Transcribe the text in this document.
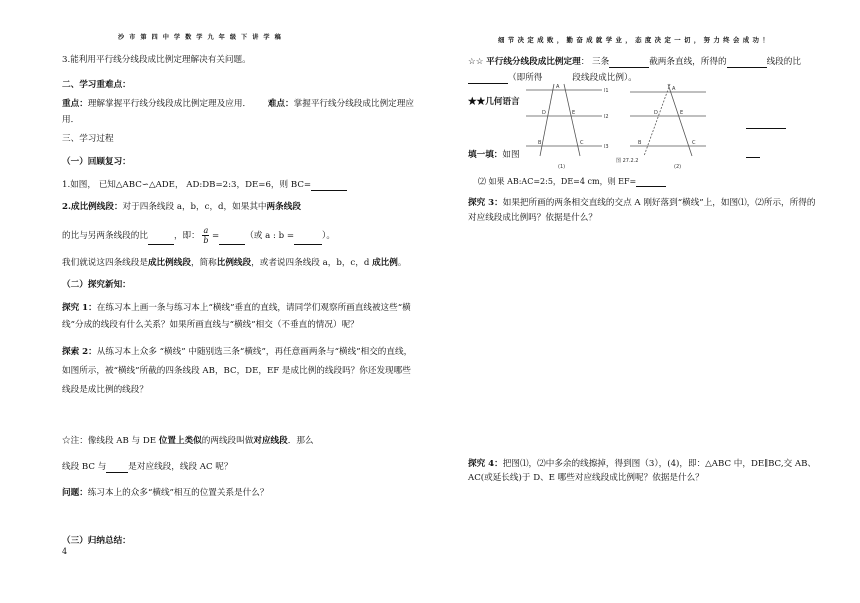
沙市第四中学数学九年级下讲学稿
3.能利用平行线分线段成比例定理解决有关问题。
二、学习重难点：
重点：理解掌握平行线分线段成比例定理及应用． 难点：掌握平行线分线段成比例定理应
用．
三、学习过程
（一）回顾复习：
1.如图， 已知△ABC∽△ADE， AD:DB=2:3，DE=6，则 BC=
2.成比例线段：对于四条线段 a，b，c，d，如果其中两条线段
的比与另两条线段的比	，即： $\frac{a}{b}$ =	（或 a : b =	）。
我们就说这四条线段是成比例线段，简称比例线段，或者说四条线段 a，b，c，d 成比例。
（二）探究新知：
探究 1：在练习本上画一条与练习本上“横线”垂直的直线，请同学们观察所画直线被这些“横
线”分成的线段有什么关系？如果所画直线与“横线”相交（不垂直的情况）呢？
探索 2：从练习本上众多 “横线” 中随别选三条“横线”，再任意画两条与“横线”相交的直线，
如图所示，被“横线”所截的四条线段 AB，BC，DE，EF 是成比例的线段吗？你还发现哪些
线段是成比例的线段？
☆注：像线段 AB 与 DE 位置上类似的两线段叫做对应线段．那么
线段 BC 与	是对应线段，线段 AC 呢？
问题：练习本上的众多“横线”相互的位置关系是什么？
（三）归纳总结：
4
细节决定成败，勤奋成就学业，态度决定一切，努力终会成功！
☆☆ 平行线分线段成比例定理： 三条	截两条直线，所得的	线段的比
（即所得	段线段成比例）。
★★几何语言
填一填：如图
A
D	E
B	C
l1
l2
l3
(1)
A
D	E
B	C
(2)
图 27.2.2
⑵ 如果 AB:AC=2:5，DE=4 cm，则 EF=
探究 3：如果把所画的两条相交直线的交点 A 刚好落到“横线”上，如图⑴，⑵所示，所得的
对应线段成比例吗？依据是什么？
探究 4：把图⑴，⑵中多余的线擦掉，得到图（3），(4)，即：△ABC 中，DE∥BC,交 AB、
AC(或延长线)于 D、E 哪些对应线段成比例呢？依据是什么？
